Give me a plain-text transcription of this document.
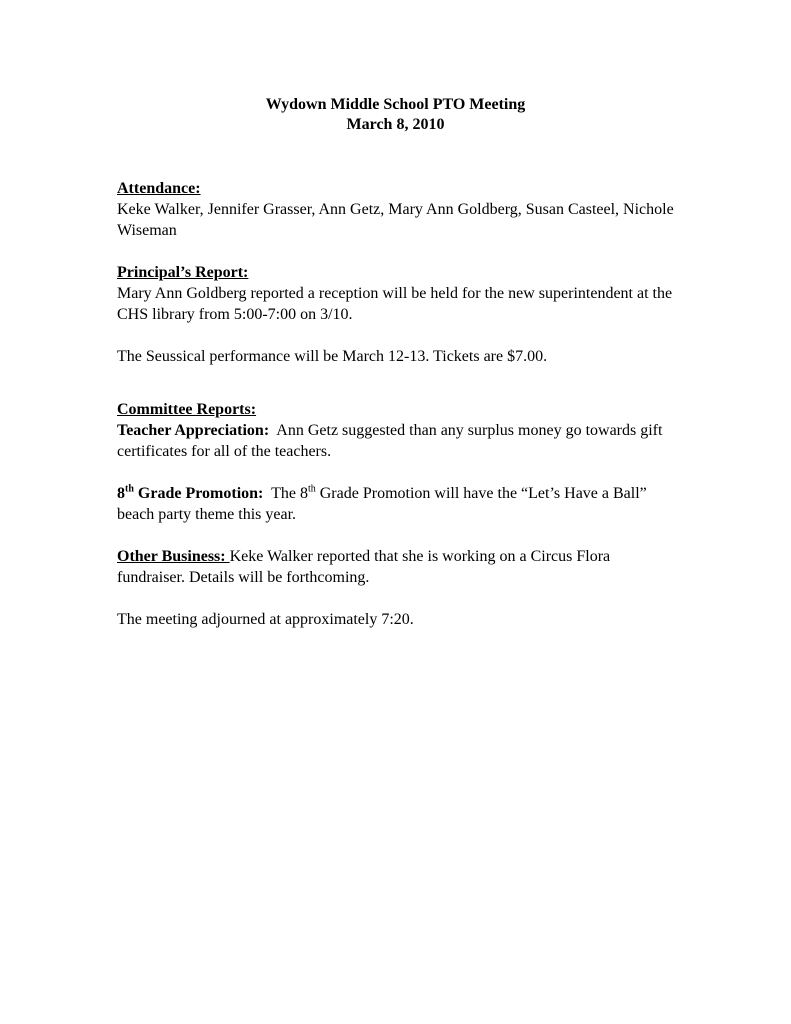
Wydown Middle School PTO Meeting
March 8, 2010

Attendance:

Keke Walker, Jennifer Grasser, Ann Getz, Mary Ann Goldberg, Susan Casteel, Nichole Wiseman

Principal’s Report:

Mary Ann Goldberg reported a reception will be held for the new superintendent at the CHS library from 5:00-7:00 on 3/10.

The Seussical performance will be March 12-13. Tickets are $7.00.

Committee Reports:

Teacher Appreciation: Ann Getz suggested than any surplus money go towards gift certificates for all of the teachers.

8th Grade Promotion: The 8th Grade Promotion will have the “Let’s Have a Ball” beach party theme this year.

Other Business: Keke Walker reported that she is working on a Circus Flora fundraiser. Details will be forthcoming.

The meeting adjourned at approximately 7:20.
